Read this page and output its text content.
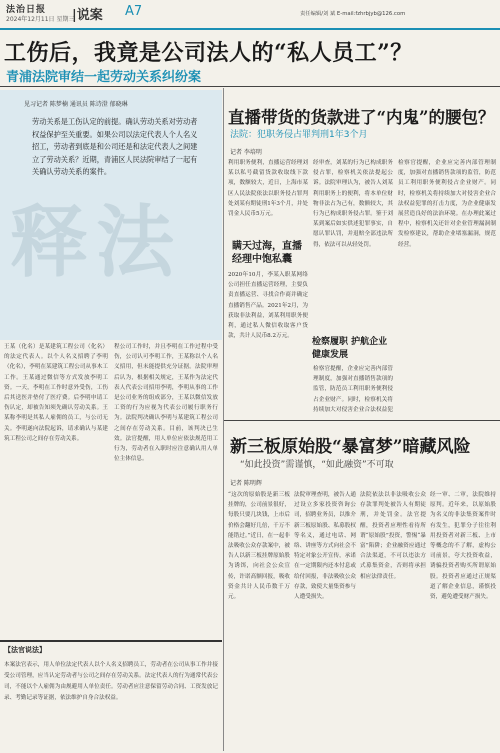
法治日报
2024年12月11日 星期三
|说案 A7	责任编辑/刘 斌 E-mail:fzhrbjyb@126.com
工伤后，我竟是公司法人的“私人员工”？
青浦法院审结一起劳动关系纠纷案
释法
见习记者 陈梦楠 通讯员 陈诗澄 郁晓琳
劳动关系是工伤认定的前提。确认劳动关系对劳动者权益保护至关重要。如果公司以法定代表人个人名义招工，劳动者到底是和公司还是和法定代表人之间建立了劳动关系？近期，青浦区人民法院审结了一起有关确认劳动关系的案件。
王某（化名）是某建筑工程公司（化名）的法定代表人。以个人名义招聘了李明（化名），李明在某建筑工程公司从事木工工作。王某通过微信等方式发放李明工资。一天，李明在工作时意外受伤，工伤后其送医并垫付了医疗费。后李明申请工伤认定，却被告知须先确认劳动关系。王某称李明是其私人雇佣的员工，与公司无关。李明遂向法院起诉，请求确认与某建筑工程公司之间存在劳动关系。
程公司工作时，并且李明在工作过程中受伤，公司认可李明工作，王某称以个人名义招用，但未能提供充分证据。法院审理后认为，根据相关规定，王某作为法定代表人代表公司招用李明，李明从事的工作是公司业务的组成部分，王某以微信发放工资的行为应视为代表公司履行职务行为。法院判决确认李明与某建筑工程公司之间存在劳动关系。目前，该判决已生效。法官提醒，用人单位应依法规范用工行为，劳动者在入职时应注意确认用人单位主体信息。
【法官说法】
本案法官表示，用人单位法定代表人以个人名义招聘员工，劳动者在公司从事工作并接受公司管理，应当认定劳动者与公司之间存在劳动关系。法定代表人的行为通常代表公司，不能以个人雇佣为由规避用人单位责任。劳动者应注意保留劳动合同、工资发放记录、考勤记录等证据，依法维护自身合法权益。
直播带货的货款进了“内鬼”的腰包？
法院：犯职务侵占罪判刑1年3个月
记者 李培明
利用职务便利，直播运营经理刘某以私号截留货款收取线下款项，数额较大，近日，上海市某区人民法院依法以职务侵占罪判处刘某有期徒刑1年3个月，并处罚金人民币5万元。
瞒天过海，直播经理中饱私囊
2020年10月，李某入职某网络公司担任直播运营经理，主要负责直播运营、寻找合作商并确定直播销售产品。2021年2月，为获取非法利益，刘某利用职务便利，通过私人微信收取客户货款，共计人民币8.2万元。
经审查，刘某的行为已构成职务侵占罪，检察机关依法提起公诉。法院审理认为，被告人刘某利用职务上的便利，将本单位财物非法占为己有，数额较大，其行为已构成职务侵占罪。鉴于刘某到案后如实供述犯罪事实，自愿认罪认罚，并退赔全部违法所得，依法可以从轻处罚。
检察履职 护航企业健康发展
检察官提醒，企业应完善内部管理制度，加强对直播销售款项的监管，防范员工利用职务便利侵占企业财产。同时，检察机关将持续加大对侵害企业合法权益犯
检察官提醒，企业应完善内部管理制度，加强对直播销售款项的监管，防范员工利用职务便利侵占企业财产。同时，检察机关将持续加大对侵害企业合法权益犯罪的打击力度，为企业健康发展营造良好的法治环境。在办理此案过程中，检察机关还针对企业管理漏洞制发检察建议，帮助企业堵塞漏洞，规范经营。
新三板原始股“暴富梦”暗藏风险
“如此投资”需谨慎，“如此融资”不可取
记者 陈明辉
“这次的原始股是新三板挂牌的，公司前景很好，每股只要几块钱，上市后价格会翻好几倍，千万不能错过。”近日，在一起非法吸收公众存款案中，被告人以新三板挂牌原始股为诱饵，向社会公众宣传，许诺高额回报，吸收资金共计人民币数千万元。
法院审理查明，被告人通过设立多家投资咨询公司，招聘业务员，以推介新三板原始股、私募股权等名义，通过电话、网络、讲座等方式向社会不特定对象公开宣传，承诺在一定期限内还本付息或给付回报，非法吸收公众存款，致使大量集资参与人遭受损失。
法院依法以非法吸收公众存款罪判处被告人有期徒刑，并处罚金。法官提醒，投资者应理性看待所谓“原始股”投资，警惕“暴富”陷阱；企业融资应通过合法渠道，不可以违法方式募集资金，否则将承担相应法律责任。
经一审、二审，法院维持原判。近年来，以原始股为名义的非法集资案件时有发生，犯罪分子往往利用投资者对新三板、上市等概念的不了解，虚构公司前景，夸大投资收益，诱骗投资者购买所谓原始股。投资者应通过正规渠道了解企业信息，谨慎投资，避免遭受财产损失。
